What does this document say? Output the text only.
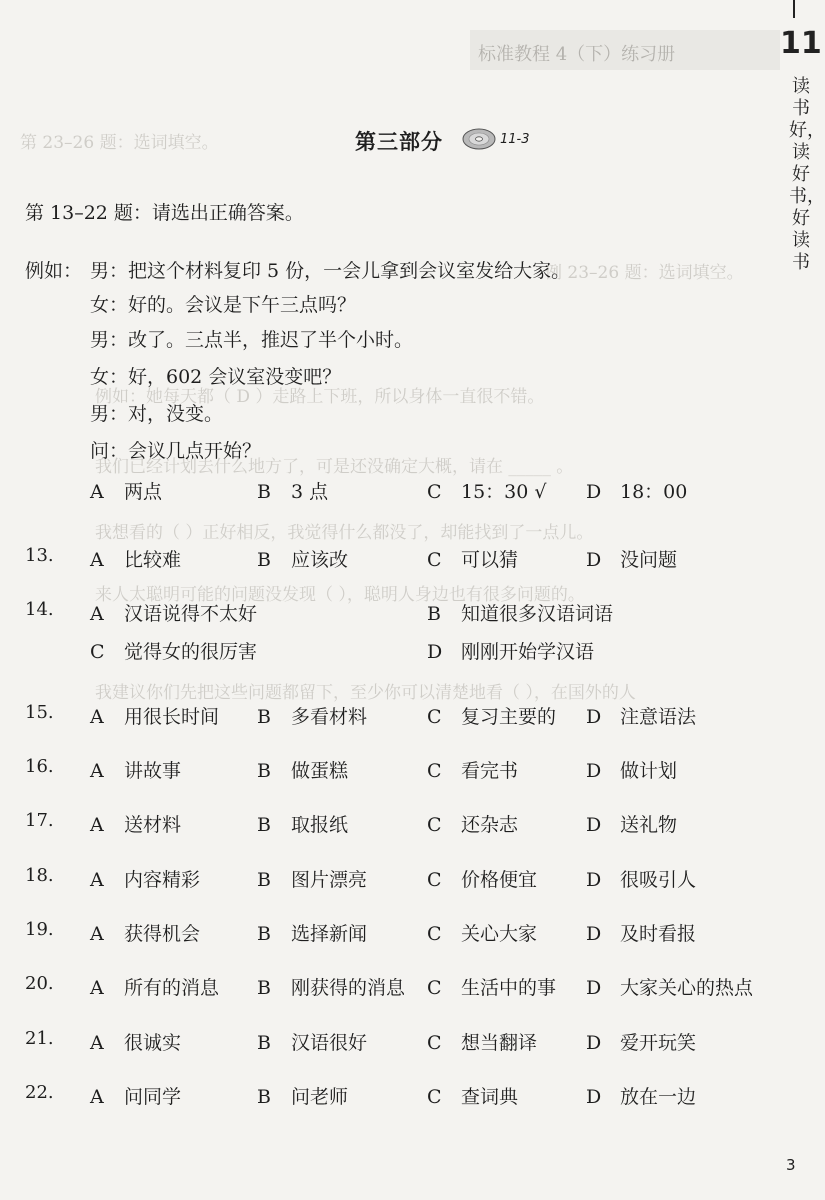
第 23–26 题：选词填空。
例 23–26 题：选词填空。
例如：她每天都（ D ）走路上下班，所以身体一直很不错。
我们已经计划去什么地方了，可是还没确定大概，请在 _____ 。
我想看的（ ）正好相反，我觉得什么都没了，却能找到了一点儿。
来人太聪明可能的问题没发现（ ），聪明人身边也有很多问题的。
我建议你们先把这些问题都留下，至少你可以清楚地看（ ），在国外的人
标准教程 4（下）练习册	11
读书好，读好书，好读书
第三部分	11-3
第 13–22 题：请选出正确答案。
例如： 男：把这个材料复印 5 份，一会儿拿到会议室发给大家。
女：好的。会议是下午三点吗？
男：改了。三点半，推迟了半个小时。
女：好，602 会议室没变吧？
男：对，没变。
问：会议几点开始？
A 两点	B 3 点	C 15：30 √ D 18：00
13. A 比较难	B 应该改	C 可以猜	D 没问题
14. A 汉语说得不太好	B 知道很多汉语词语
C 觉得女的很厉害	D 刚刚开始学汉语
15. A 用很长时间 B 多看材料	C 复习主要的 D 注意语法
16. A 讲故事	B 做蛋糕	C 看完书	D 做计划
17. A 送材料	B 取报纸	C 还杂志	D 送礼物
18. A 内容精彩	B 图片漂亮	C 价格便宜	D 很吸引人
19. A 获得机会	B 选择新闻	C 关心大家	D 及时看报
20. A 所有的消息 B 刚获得的消息 C 生活中的事 D 大家关心的热点
21. A 很诚实	B 汉语很好	C 想当翻译	D 爱开玩笑
22. A 问同学	B 问老师	C 查词典	D 放在一边
3
